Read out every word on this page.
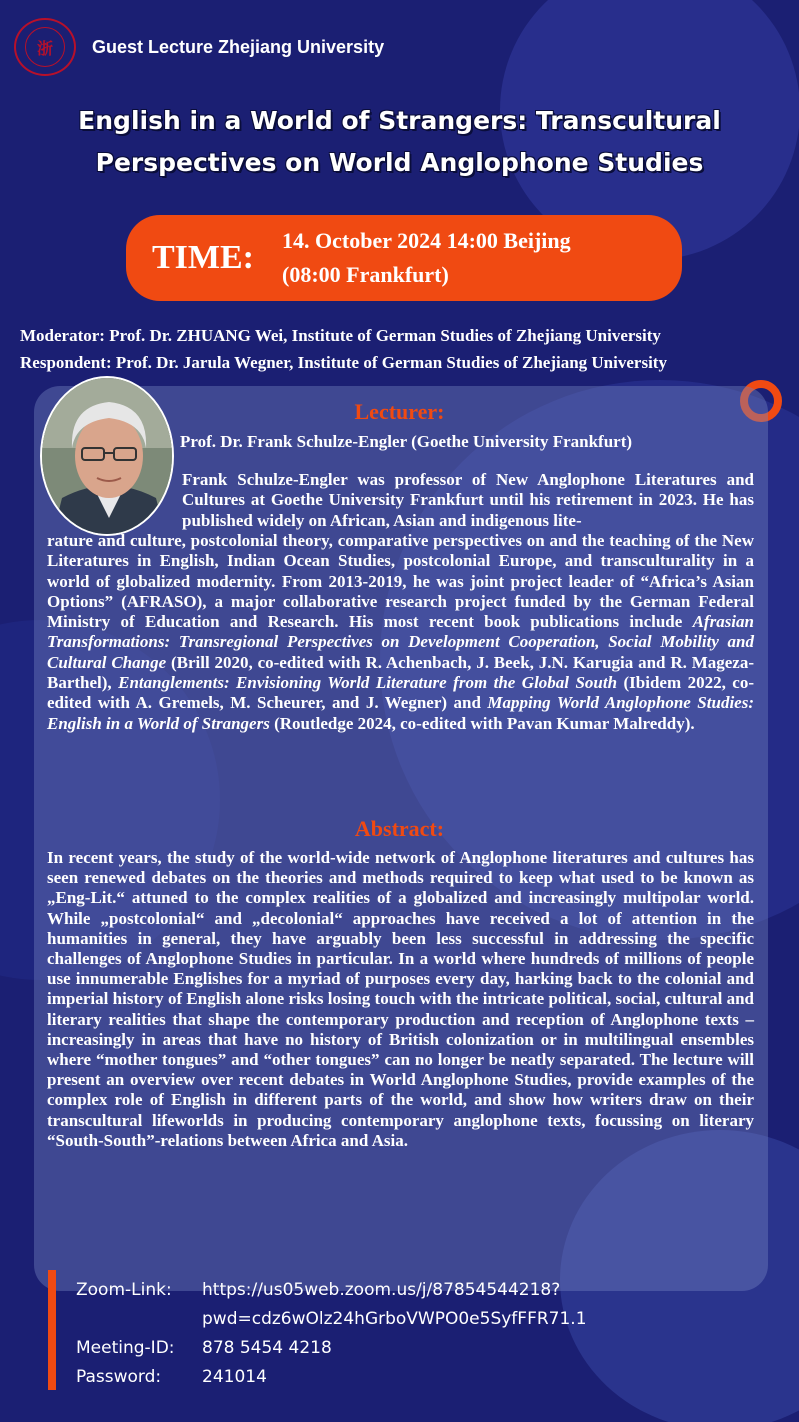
浙	Guest Lecture Zhejiang University
English in a World of Strangers: Transcultural
Perspectives on World Anglophone Studies
TIME:	14. October 2024 14:00 Beijing
(08:00 Frankfurt)
Moderator: Prof. Dr. ZHUANG Wei, Institute of German Studies of Zhejiang University
Respondent: Prof. Dr. Jarula Wegner, Institute of German Studies of Zhejiang University
Lecturer:
Prof. Dr. Frank Schulze-Engler (Goethe University Frankfurt)
Frank Schulze-Engler was professor of New Anglophone Literatures and Cultures at Goethe University Frankfurt until his retirement in 2023. He has published widely on African, Asian and indigenous lite-
rature and culture, postcolonial theory, comparative perspectives on and the teaching of the New Literatures in English, Indian Ocean Studies, postcolonial Europe, and transculturality in a world of globalized modernity. From 2013-2019, he was joint project leader of “Africa’s Asian Options” (AFRASO), a major collaborative research project funded by the German Federal Ministry of Education and Research. His most recent book publications include Afrasian Transformations: Transregional Perspectives on Development Cooperation, Social Mobility and Cultural Change (Brill 2020, co-edited with R. Achenbach, J. Beek, J.N. Karugia and R. Mageza-Barthel), Entanglements: Envisioning World Literature from the Global South (Ibidem 2022, co-edited with A. Gremels, M. Scheurer, and J. Wegner) and Mapping World Anglophone Studies: English in a World of Strangers (Routledge 2024, co-edited with Pavan Kumar Malreddy).
Abstract:
In recent years, the study of the world-wide network of Anglophone literatures and cultures has seen renewed debates on the theories and methods required to keep what used to be known as „Eng-Lit.“ attuned to the complex realities of a globalized and increasingly multipolar world. While „postcolonial“ and „decolonial“ approaches have received a lot of attention in the humanities in general, they have arguably been less successful in addressing the specific challenges of Anglophone Studies in particular. In a world where hundreds of millions of people use innumerable Englishes for a myriad of purposes every day, harking back to the colonial and imperial history of English alone risks losing touch with the intricate political, social, cultural and literary realities that shape the contemporary production and reception of Anglophone texts – increasingly in areas that have no history of British colonization or in multilingual ensembles where “mother tongues” and “other tongues” can no longer be neatly separated. The lecture will present an overview over recent debates in World Anglophone Studies, provide examples of the complex role of English in different parts of the world, and show how writers draw on their transcultural lifeworlds in producing contemporary anglophone texts, focussing on literary “South-South”-relations between Africa and Asia.
Zoom-Link:	https://us05web.zoom.us/j/87854544218?
pwd=cdz6wOlz24hGrboVWPO0e5SyfFFR71.1
Meeting-ID:	878 5454 4218
Password:	241014
